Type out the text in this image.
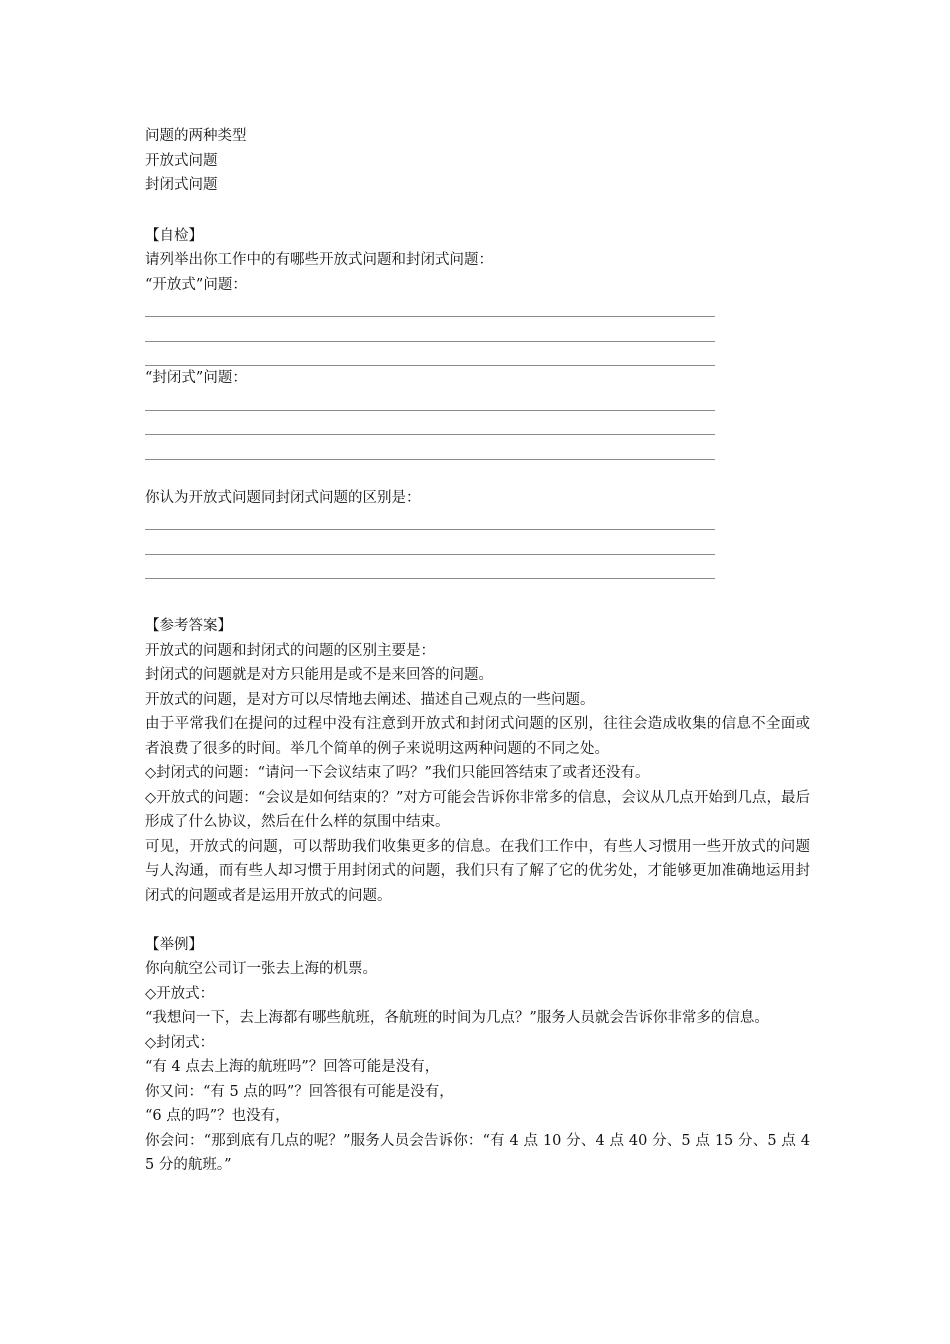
问题的两种类型
开放式问题
封闭式问题
【自检】
请列举出你工作中的有哪些开放式问题和封闭式问题：
“开放式”问题：
“封闭式”问题：
你认为开放式问题同封闭式问题的区别是：
【参考答案】
开放式的问题和封闭式的问题的区别主要是：
封闭式的问题就是对方只能用是或不是来回答的问题。
开放式的问题，是对方可以尽情地去阐述、描述自己观点的一些问题。
由于平常我们在提问的过程中没有注意到开放式和封闭式问题的区别，往往会造成收集的信息不全面或者浪费了很多的时间。举几个简单的例子来说明这两种问题的不同之处。
◇封闭式的问题：“请问一下会议结束了吗？”我们只能回答结束了或者还没有。
◇开放式的问题：“会议是如何结束的？”对方可能会告诉你非常多的信息，会议从几点开始到几点，最后形成了什么协议，然后在什么样的氛围中结束。
可见，开放式的问题，可以帮助我们收集更多的信息。在我们工作中，有些人习惯用一些开放式的问题与人沟通，而有些人却习惯于用封闭式的问题，我们只有了解了它的优劣处，才能够更加准确地运用封闭式的问题或者是运用开放式的问题。
【举例】
你向航空公司订一张去上海的机票。
◇开放式：
“我想问一下，去上海都有哪些航班，各航班的时间为几点？”服务人员就会告诉你非常多的信息。
◇封闭式：
“有 4 点去上海的航班吗”？回答可能是没有，
你又问：“有 5 点的吗”？回答很有可能是没有，
“6 点的吗”？也没有，
你会问：“那到底有几点的呢？”服务人员会告诉你：“有 4 点 10 分、4 点 40 分、5 点 15 分、5 点 45 分的航班。”
